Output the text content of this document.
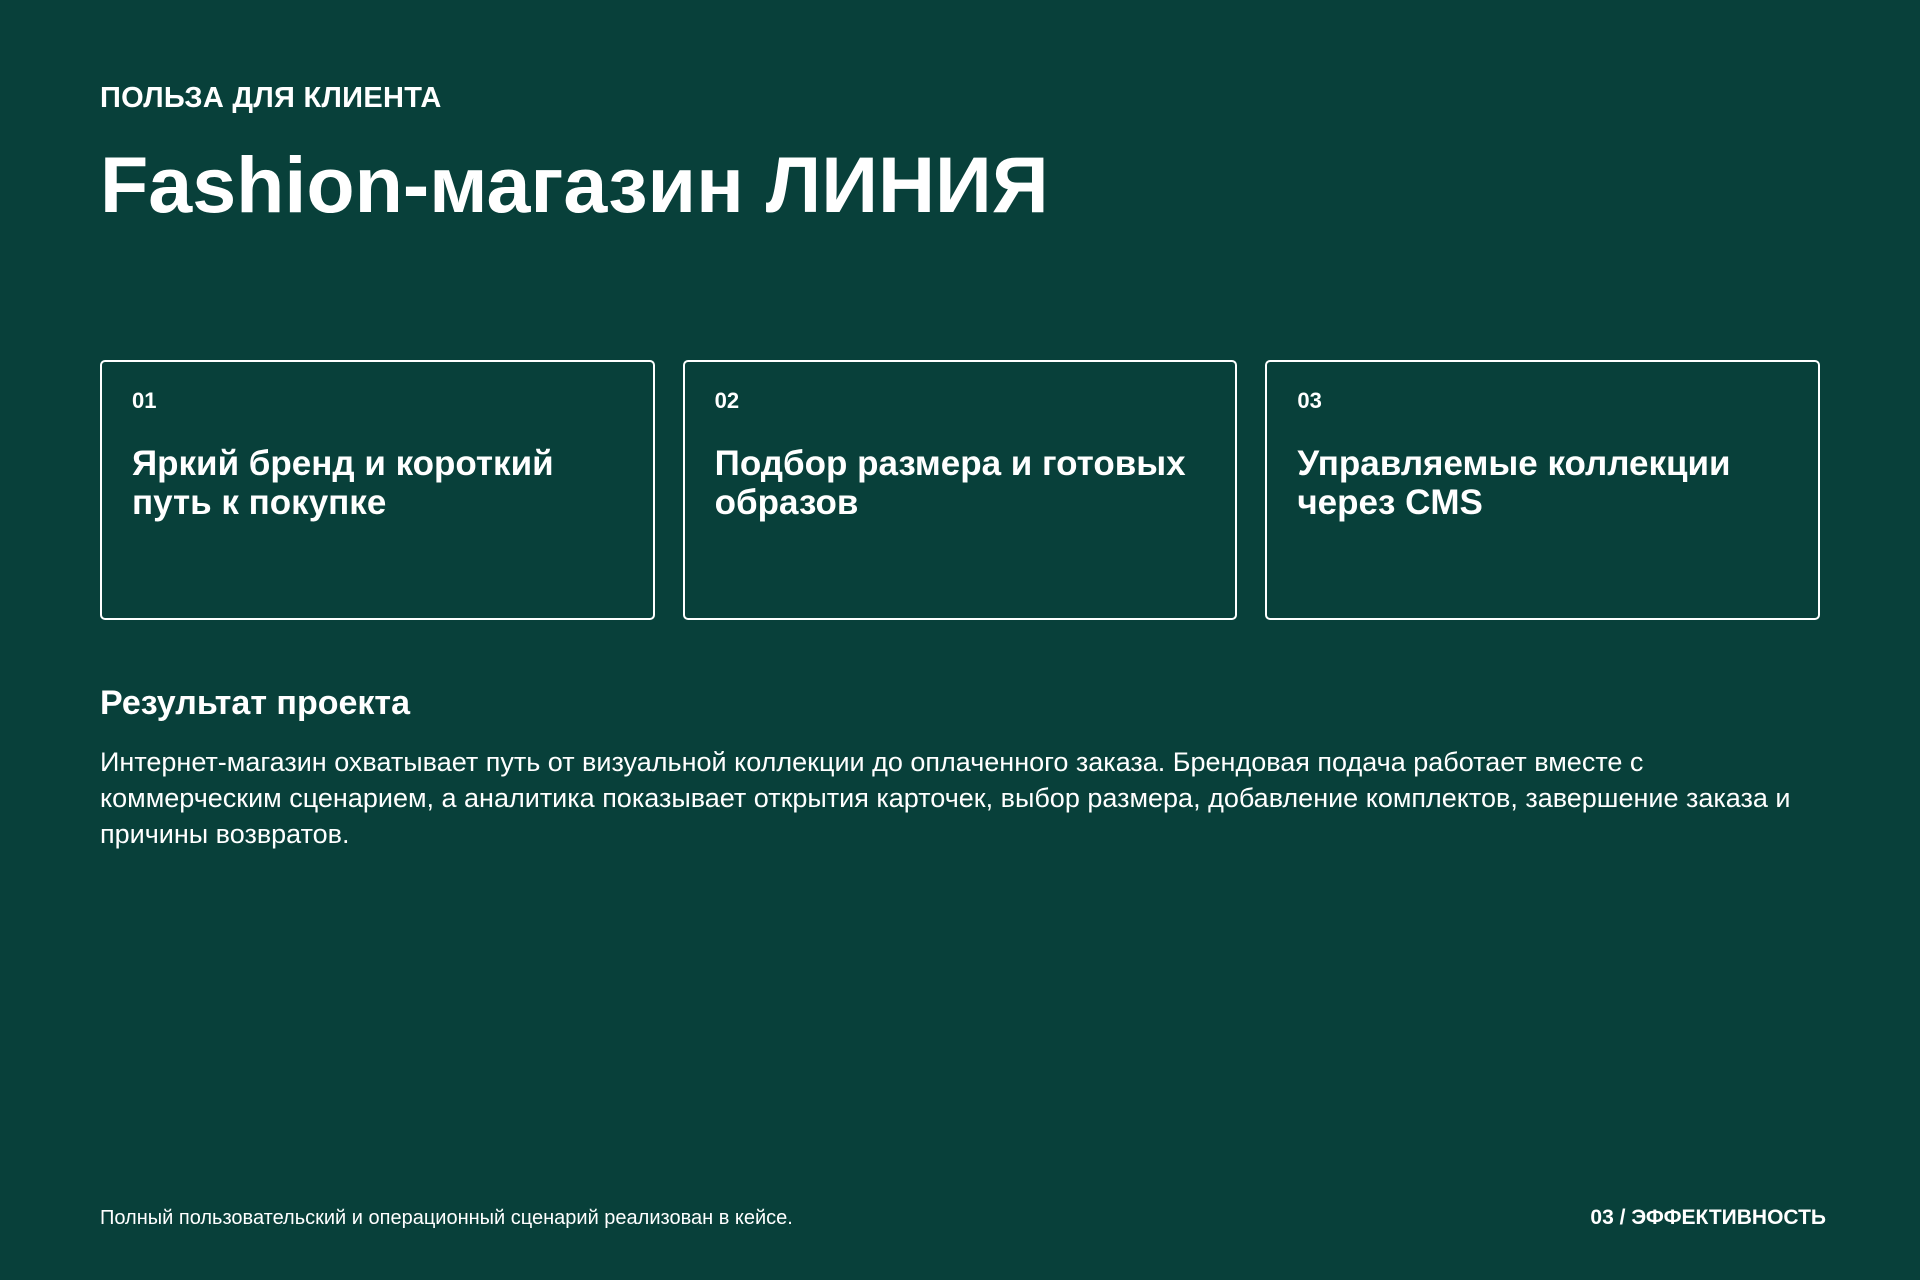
ПОЛЬЗА ДЛЯ КЛИЕНТА
Fashion-магазин ЛИНИЯ
01
Яркий бренд и короткий путь к покупке
02
Подбор размера и готовых образов
03
Управляемые коллекции через CMS
Результат проекта

Интернет-магазин охватывает путь от визуальной коллекции до оплаченного заказа. Брендовая подача работает вместе с коммерческим сценарием, а аналитика показывает открытия карточек, выбор размера, добавление комплектов, завершение заказа и причины возвратов.

Полный пользовательский и операционный сценарий реализован в кейсе.	03 / ЭФФЕКТИВНОСТЬ
